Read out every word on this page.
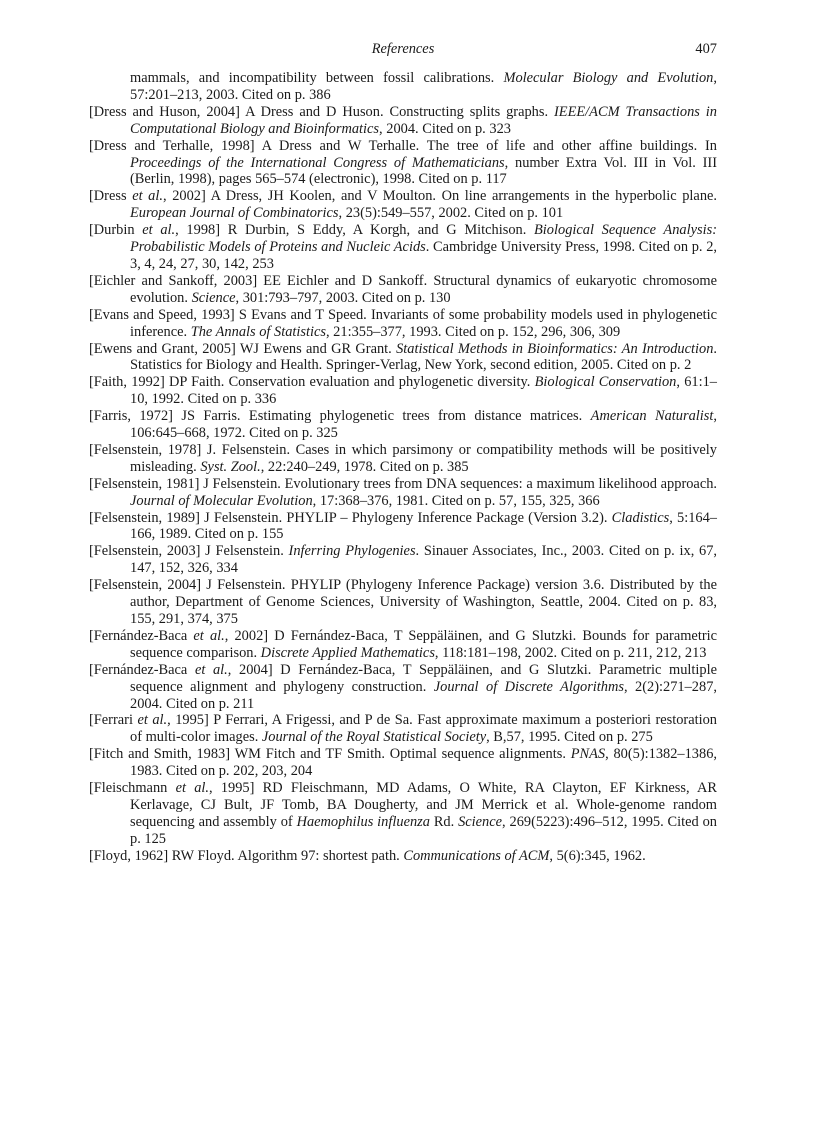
References	407

mammals, and incompatibility between fossil calibrations. Molecular Biology and Evolution, 57:201–213, 2003. Cited on p. 386

[Dress and Huson, 2004] A Dress and D Huson. Constructing splits graphs. IEEE/ACM Transactions in Computational Biology and Bioinformatics, 2004. Cited on p. 323

[Dress and Terhalle, 1998] A Dress and W Terhalle. The tree of life and other affine buildings. In Proceedings of the International Congress of Mathematicians, number Extra Vol. III in Vol. III (Berlin, 1998), pages 565–574 (electronic), 1998. Cited on p. 117

[Dress et al., 2002] A Dress, JH Koolen, and V Moulton. On line arrangements in the hyperbolic plane. European Journal of Combinatorics, 23(5):549–557, 2002. Cited on p. 101

[Durbin et al., 1998] R Durbin, S Eddy, A Korgh, and G Mitchison. Biological Sequence Analysis: Probabilistic Models of Proteins and Nucleic Acids. Cambridge University Press, 1998. Cited on p. 2, 3, 4, 24, 27, 30, 142, 253

[Eichler and Sankoff, 2003] EE Eichler and D Sankoff. Structural dynamics of eukaryotic chromosome evolution. Science, 301:793–797, 2003. Cited on p. 130

[Evans and Speed, 1993] S Evans and T Speed. Invariants of some probability models used in phylogenetic inference. The Annals of Statistics, 21:355–377, 1993. Cited on p. 152, 296, 306, 309

[Ewens and Grant, 2005] WJ Ewens and GR Grant. Statistical Methods in Bioinformatics: An Introduction. Statistics for Biology and Health. Springer-Verlag, New York, second edition, 2005. Cited on p. 2

[Faith, 1992] DP Faith. Conservation evaluation and phylogenetic diversity. Biological Conservation, 61:1–10, 1992. Cited on p. 336

[Farris, 1972] JS Farris. Estimating phylogenetic trees from distance matrices. American Naturalist, 106:645–668, 1972. Cited on p. 325

[Felsenstein, 1978] J. Felsenstein. Cases in which parsimony or compatibility methods will be positively misleading. Syst. Zool., 22:240–249, 1978. Cited on p. 385

[Felsenstein, 1981] J Felsenstein. Evolutionary trees from DNA sequences: a maximum likelihood approach. Journal of Molecular Evolution, 17:368–376, 1981. Cited on p. 57, 155, 325, 366

[Felsenstein, 1989] J Felsenstein. PHYLIP – Phylogeny Inference Package (Version 3.2). Cladistics, 5:164–166, 1989. Cited on p. 155

[Felsenstein, 2003] J Felsenstein. Inferring Phylogenies. Sinauer Associates, Inc., 2003. Cited on p. ix, 67, 147, 152, 326, 334

[Felsenstein, 2004] J Felsenstein. PHYLIP (Phylogeny Inference Package) version 3.6. Distributed by the author, Department of Genome Sciences, University of Washington, Seattle, 2004. Cited on p. 83, 155, 291, 374, 375

[Fernández-Baca et al., 2002] D Fernández-Baca, T Seppäläinen, and G Slutzki. Bounds for parametric sequence comparison. Discrete Applied Mathematics, 118:181–198, 2002. Cited on p. 211, 212, 213

[Fernández-Baca et al., 2004] D Fernández-Baca, T Seppäläinen, and G Slutzki. Parametric multiple sequence alignment and phylogeny construction. Journal of Discrete Algorithms, 2(2):271–287, 2004. Cited on p. 211

[Ferrari et al., 1995] P Ferrari, A Frigessi, and P de Sa. Fast approximate maximum a posteriori restoration of multi-color images. Journal of the Royal Statistical Society, B,57, 1995. Cited on p. 275

[Fitch and Smith, 1983] WM Fitch and TF Smith. Optimal sequence alignments. PNAS, 80(5):1382–1386, 1983. Cited on p. 202, 203, 204

[Fleischmann et al., 1995] RD Fleischmann, MD Adams, O White, RA Clayton, EF Kirkness, AR Kerlavage, CJ Bult, JF Tomb, BA Dougherty, and JM Merrick et al. Whole-genome random sequencing and assembly of Haemophilus influenza Rd. Science, 269(5223):496–512, 1995. Cited on p. 125

[Floyd, 1962] RW Floyd. Algorithm 97: shortest path. Communications of ACM, 5(6):345, 1962.
